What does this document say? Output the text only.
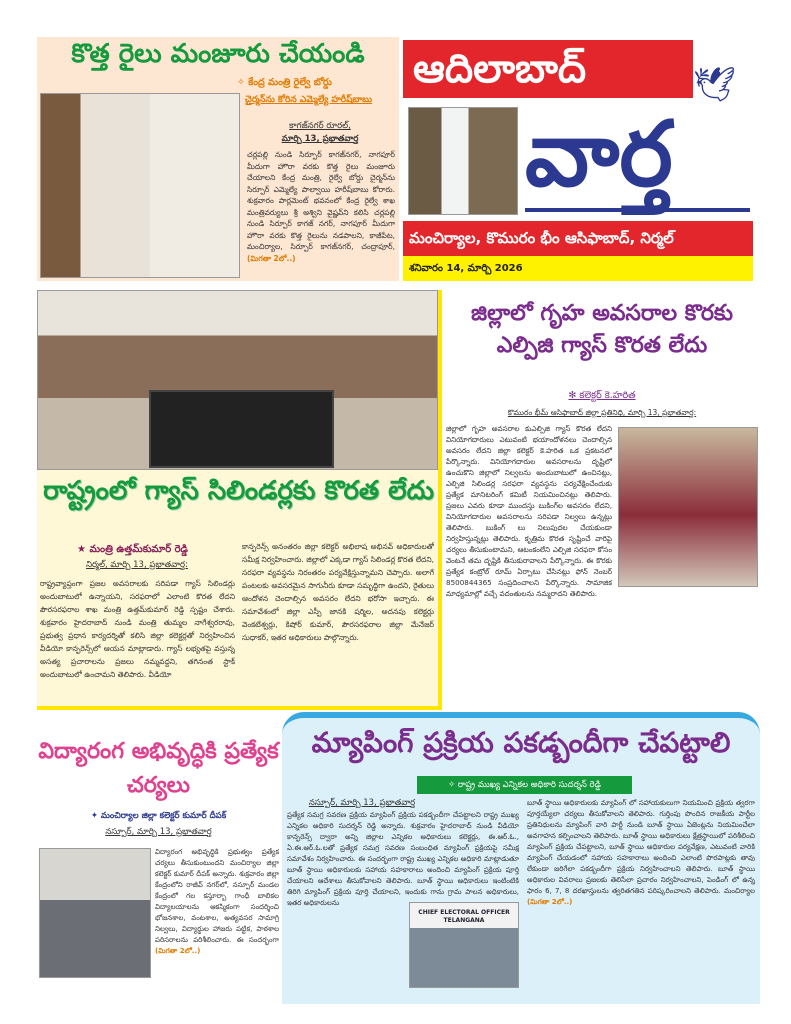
కొత్త రైలు మంజూరు చేయండి
✧ కేంద్ర మంత్రి రైల్వే బోర్డు
చైర్మన్‌ను కోరిన ఎమ్మెల్యే హరీష్‌బాబు
కాగజ్‌నగర్ రూరల్,
మార్చి 13, ప్రభాతవార్త
చర్లపల్లి నుండి సిర్పూర్ కాగజ్‌నగర్, నాగపూర్ మీదుగా హౌరా వరకు కొత్త రైలు మంజూరు చేయాలని కేంద్ర మంత్రి, రైల్వే బోర్డు చైర్మన్‌ను సిర్పూర్ ఎమ్మెల్యే పాల్వాయి హరీష్‌బాబు కోరారు. శుక్రవారం పార్లమెంట్ భవనంలో కేంద్ర రైల్వే శాఖ మంత్రివర్యులు శ్రీ అశ్విని వైష్ణవ్‌ని కలిసి చర్లపల్లి నుండి సిర్పూర్ కాగజ్ నగర్, నాగపూర్ మీదుగా హౌరా వరకు కొత్త రైలును నడపాలని, కాజీపేట, మంచిర్యాల, సిర్పూర్ కాగజ్‌నగర్, చంద్రాపూర్, (మిగతా 2లో..)
ఆదిలాబాద్	🕊
వార్త
మంచిర్యాల, కొమురం భీం ఆసిఫాబాద్, నిర్మల్
శనివారం 14, మార్చి 2026
రాష్ట్రంలో గ్యాస్ సిలిండర్లకు కొరత లేదు
★ మంత్రి ఉత్తమ్‌కుమార్ రెడ్డి
నిర్మల్, మార్చి 13, ప్రభాతవార్త:
రాష్ట్రవ్యాప్తంగా ప్రజల అవసరాలకు సరిపడా గ్యాస్ సిలిండర్లు అందుబాటులో ఉన్నాయని, సరఫరాలో ఎలాంటి కొరత లేదని పౌరసరఫరాల శాఖ మంత్రి ఉత్తమ్‌కుమార్ రెడ్డి స్పష్టం చేశారు. శుక్రవారం హైదరాబాద్ నుండి మంత్రి తుమ్మల నాగేశ్వరరావు, ప్రభుత్వ ప్రధాన కార్యదర్శితో కలిసి జిల్లా కలెక్టర్లతో నిర్వహించిన వీడియో కాన్ఫరెన్స్‌లో ఆయన మాట్లాడారు. గ్యాస్ లభ్యతపై వస్తున్న అసత్య ప్రచారాలను ప్రజలు నమ్మవద్దని, తగినంత స్టాక్ అందుబాటులో ఉంచామని తెలిపారు. వీడియో
కాన్ఫరెన్స్ అనంతరం జిల్లా కలెక్టర్ అభిలాష అభినవ్ అధికారులతో సమీక్ష నిర్వహించారు. జిల్లాలో ఎక్కడా గ్యాస్ సిలిండర్ల కొరత లేదని, సరఫరా వ్యవస్థను నిరంతరం పర్యవేక్షిస్తున్నామని చెప్పారు. అలాగే పంటలకు అవసరమైన సాగునీరు కూడా సమృద్ధిగా ఉందని, రైతులు ఆందోళన చెందాల్సిన అవసరం లేదని భరోసా ఇచ్చారు. ఈ సమావేశంలో జిల్లా ఎస్పీ జానకి షర్మిల, అదనపు కలెక్టర్లు వెంకటేశ్వర్లు, కిషోర్ కుమార్, పౌరసరఫరాల జిల్లా మేనేజర్ సుధాకర్, ఇతర అధికారులు పాల్గొన్నారు.
జిల్లాలో గృహ అవసరాల కొరకు ఎల్పిజి గ్యాస్ కొరత లేదు
✻ కలెక్టర్ కె.హరిత
కొమురం భీమ్ ఆసిఫాబాద్ జిల్లా ప్రతినిధి, మార్చి 13, ప్రభాతవార్త:
జిల్లాలో గృహ అవసరాల కుఎల్పిజి గ్యాస్ కొరత లేదని వినియోగదారులు ఎటువంటి భయాందోళనలు చెందాల్సిన అవసరం లేదని జిల్లా కలెక్టర్ కె.హరిత ఒక ప్రకటనలో పేర్కొన్నారు. వినియోగదారుల అవసరాలను దృష్టిలో ఉంచుకొని జిల్లాలో నిల్వలను అందుబాటులో ఉంచినట్లు, ఎల్పిజి సిలిండర్ల సరఫరా వ్యవస్థను పర్యవేక్షించేందుకు ప్రత్యేక మానిటరింగ్ కమిటీ నియమించినట్లు తెలిపారు. ప్రజలు ఎవరు కూడా ముందస్తు బుకింగ్‌ల అవసరం లేదని, వినియోగదారుల అవసరాలను సరిపడా నిల్వలు ఉన్నట్లు తెలిపారు. బుకింగ్ లు నిలుపుదల చేయకుండా నిర్వహిస్తున్నట్లు తెలిపారు. కృత్రిమ కొరత సృష్టించే వారిపై చర్యలు తీసుకుంటామని, ఆటంకంలేని ఎల్పిజి సరఫరా కోసం వెంటనే తమ దృష్టికి తీసుకురావాలని పేర్కొన్నారు. ఈ కొరకు ప్రత్యేక కంట్రోల్ రూమ్ ఏర్పాటు చేసినట్లు ఫోన్ నెంబర్ 8500844365 సంప్రదించాలని పేర్కొన్నారు. సామాజిక మాధ్యమాల్లో వచ్చే వదంతులను నమ్మరాదని తెలిపారు.
విద్యారంగ అభివృద్ధికి ప్రత్యేక చర్యలు
✦ మంచిర్యాల జిల్లా కలెక్టర్ కుమార్ దీపక్
నస్పూర్, మార్చి 13, ప్రభాతవార్త
విద్యారంగ అభివృద్ధికి ప్రభుత్వం ప్రత్యేక చర్యలు తీసుకుంటుందని మంచిర్యాల జిల్లా కలెక్టర్ కుమార్ దీపక్ అన్నారు. శుక్రవారం జిల్లా కేంద్రంలోని రాజీవ్ నగర్‌లో, నస్పూర్ మండల కేంద్రంలో గల కస్తూర్బా గాంధీ బాలికల విద్యాలయాలను ఆకస్మికంగా సందర్శించి భోజనశాల, వంటశాల, అత్యవసర సామాగ్రి నిల్వలు, విద్యార్థుల హాజరు పట్టిక, పాఠశాల పరిసరాలను పరిశీలించారు. ఈ సందర్భంగా (మిగతా 2లో..)
మ్యాపింగ్ ప్రక్రియ పకడ్బందీగా చేపట్టాలి
✧ రాష్ట్ర ముఖ్య ఎన్నికల అధికారి సుదర్శన్ రెడ్డి
నస్పూర్, మార్చి 13, ప్రభాతవార్త
CHIEF ELECTORAL OFFICER TELANGANA
ప్రత్యేక సమగ్ర సవరణ ప్రక్రియ మ్యాపింగ్ ప్రక్రియ పకడ్బందీగా చేపట్టాలని రాష్ట్ర ముఖ్య ఎన్నికల అధికారి సుదర్శన్ రెడ్డి అన్నారు. శుక్రవారం హైదరాబాద్ నుండి వీడియో కాన్ఫరెన్స్ ద్వారా అన్ని జిల్లాల ఎన్నికల అధికారులు కలెక్టర్లు, ఈ.ఆర్.ఓ., ఏ.ఈ.ఆర్.ఓ.లతో ప్రత్యేక సమగ్ర సవరణ సంబంధిత మ్యాపింగ్ ప్రక్రియపై సమీక్ష సమావేశం నిర్వహించారు. ఈ సందర్భంగా రాష్ట్ర ముఖ్య ఎన్నికల అధికారి మాట్లాడుతూ బూత్ స్థాయి అధికారులకు సహాయ సహకారాలు అందించి మ్యాపింగ్ ప్రక్రియ పూర్తి చేయాలని ఆదేశాలు తీసుకోవాలని తెలిపారు. బూత్ స్థాయి అధికారులు ఇంటింటికి తిరిగి మ్యాపింగ్ ప్రక్రియ పూర్తి చేయాలని, ఇందుకు గాను గ్రామ పాలన అధికారులు, ఇతర అధికారులను
బూత్ స్థాయి అధికారులకు మ్యాపింగ్ లో సహాయకులుగా నియమించి ప్రక్రియ త్వరగా పూర్తయ్యేలా చర్యలు తీసుకోవాలని తెలిపారు. గుర్తింపు పొందిన రాజకీయ పార్టీల ప్రతినిధులను మ్యాపింగ్ వారి పార్టీ నుండి బూత్ స్థాయి ఏజెంట్లను నియమించేలా అవగాహన కల్పించాలని తెలిపారు. బూత్ స్థాయి అధికారులు క్షేత్రస్థాయిలో పరిశీలించి మ్యాపింగ్ ప్రక్రియ చేపట్టాలని, బూత్ స్థాయి అధికారుల పర్యవేక్షణ, ఎటువంటి వారికి మ్యాపింగ్ చేయడంలో సహాయ సహకారాలు అందించి ఎలాంటి పొరపాట్లకు తావు లేకుండా జరిగేలా పకడ్బందీగా ప్రక్రియ నిర్వహించాలని తెలిపారు. బూత్ స్థాయి అధికారుల వివరాలు ప్రజలకు తెలిసేలా ప్రచారం నిర్వహించాలని, పెండింగ్ లో ఉన్న ఫారం 6, 7, 8 దరఖాస్తులను త్వరితగతిన పరిష్కరించాలని తెలిపారు. మంచిర్యాల (మిగతా 2లో..)
